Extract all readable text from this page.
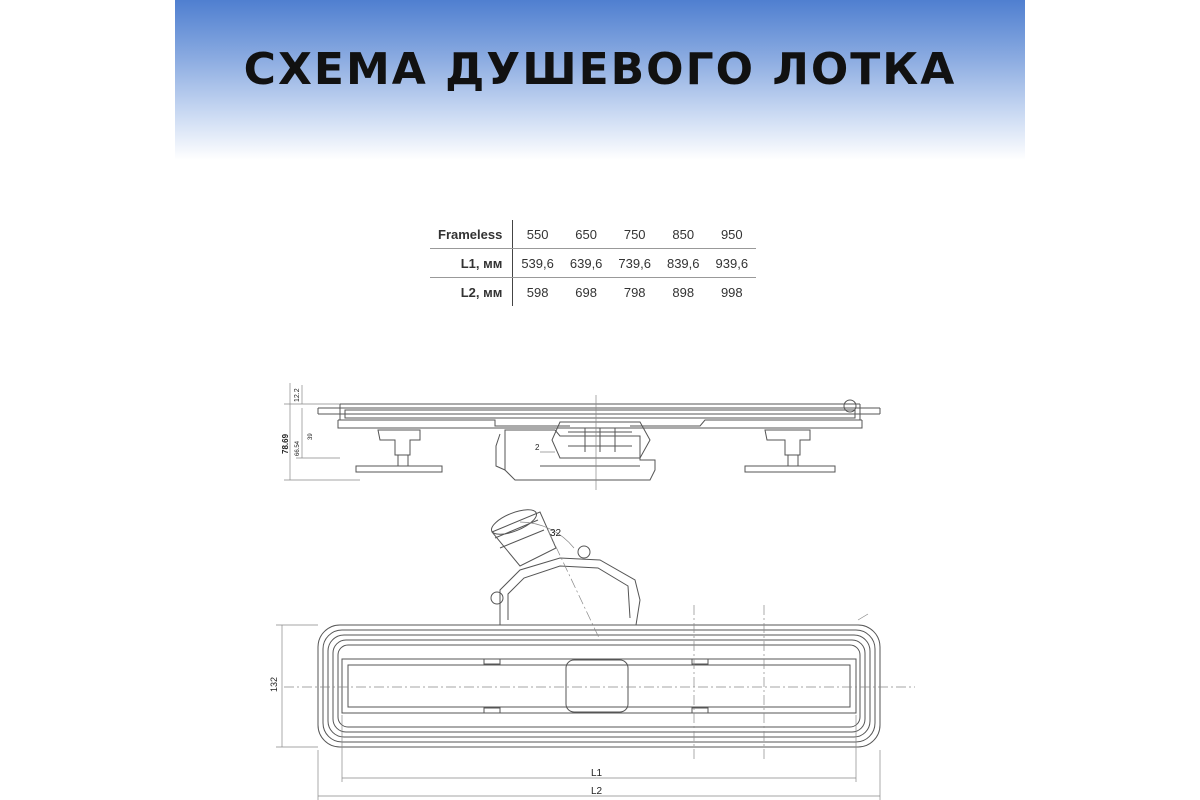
СХЕМА ДУШЕВОГО ЛОТКА
Frameless	550	650	750	850	950
L1, мм	539,6	639,6	739,6	839,6	939,6
L2, мм	598	698	798	898	998
78.69
12.2
66.54
39
2
32
132
L1
L2
